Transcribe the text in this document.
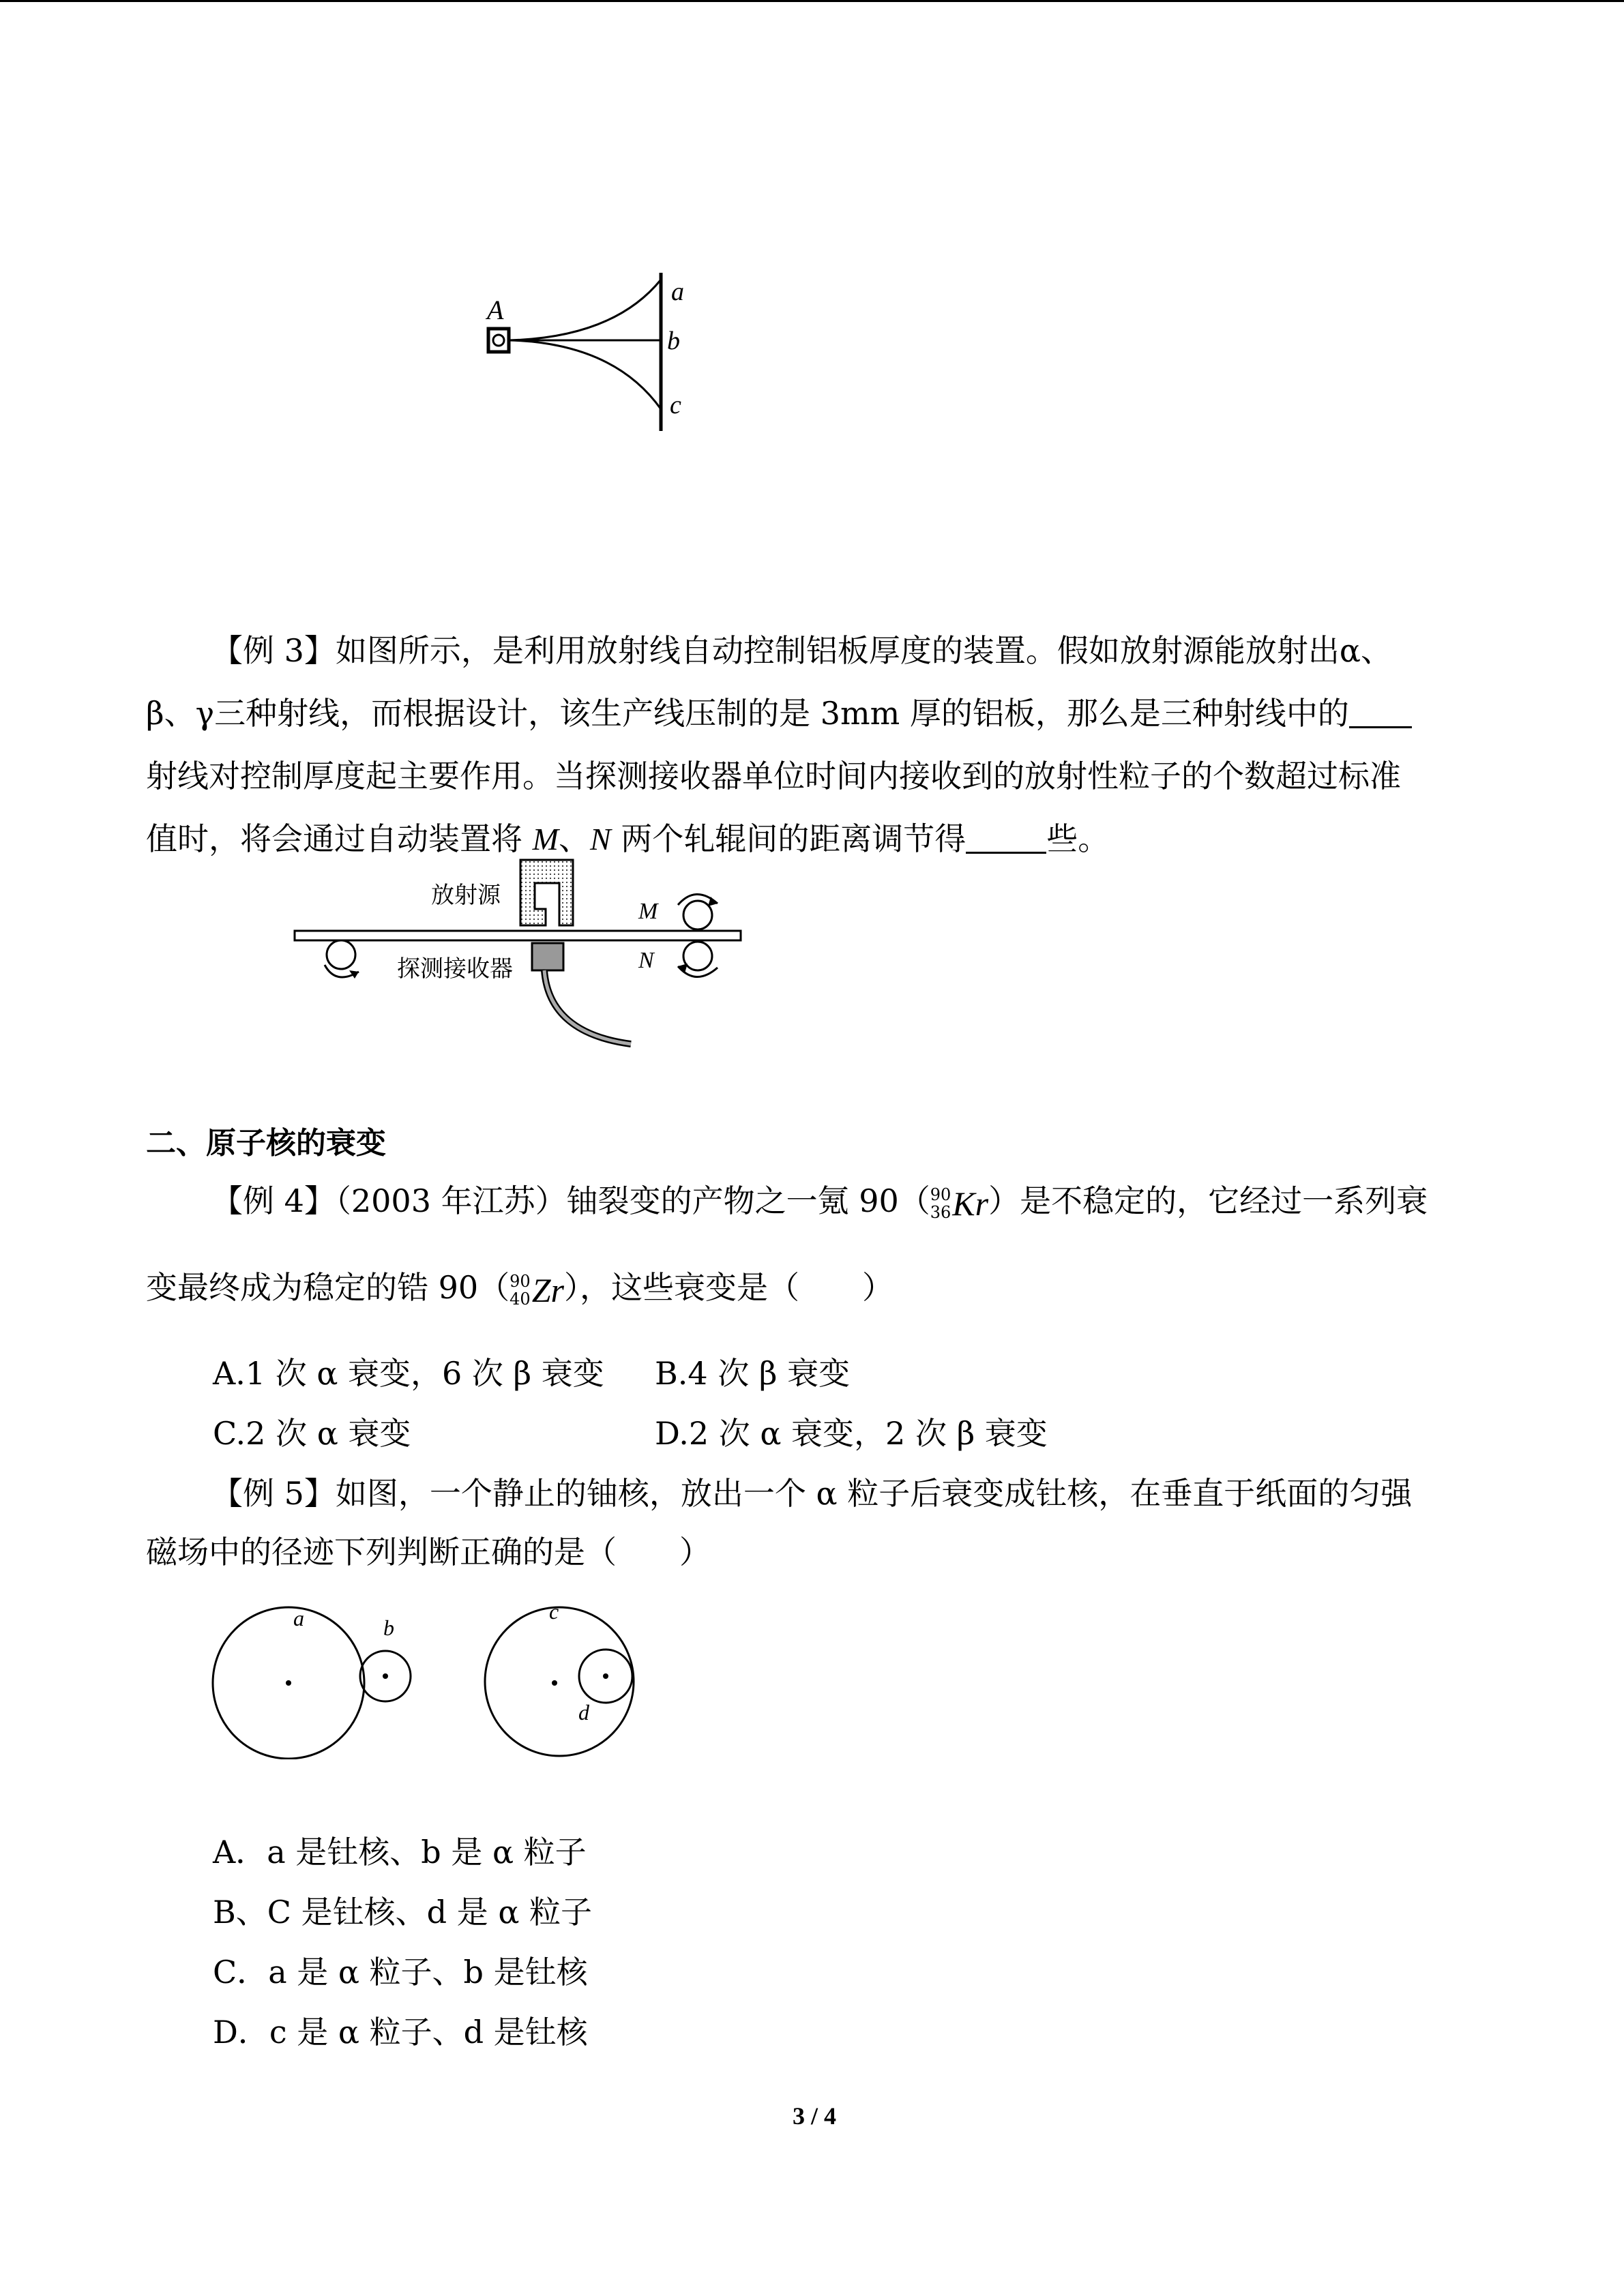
A
a
b
c
【例 3】如图所示，是利用放射线自动控制铝板厚度的装置。假如放射源能放射出α、
β、γ三种射线，而根据设计，该生产线压制的是 3mm 厚的铝板，那么是三种射线中的
射线对控制厚度起主要作用。当探测接收器单位时间内接收到的放射性粒子的个数超过标准
值时，将会通过自动装置将 M、N 两个轧辊间的距离调节得	些。
M
N
放射源
探测接收器
二、原子核的衰变
【例 4】（2003 年江苏）铀裂变的产物之一氪 90（ 90
36 Kr ）是不稳定的，它经过一系列衰
变最终成为稳定的锆 90（ 90
40 Zr ），这些衰变是（　　）
A.1 次 α 衰变，6 次 β 衰变 B.4 次 β 衰变
C.2 次 α 衰变	D.2 次 α 衰变，2 次 β 衰变
【例 5】如图，一个静止的铀核，放出一个 α 粒子后衰变成钍核，在垂直于纸面的匀强
磁场中的径迹下列判断正确的是（　　）
a	b
c
d
A．a 是钍核、b 是 α 粒子
B、C 是钍核、d 是 α 粒子
C．a 是 α 粒子、b 是钍核
D．c 是 α 粒子、d 是钍核
3 / 4
